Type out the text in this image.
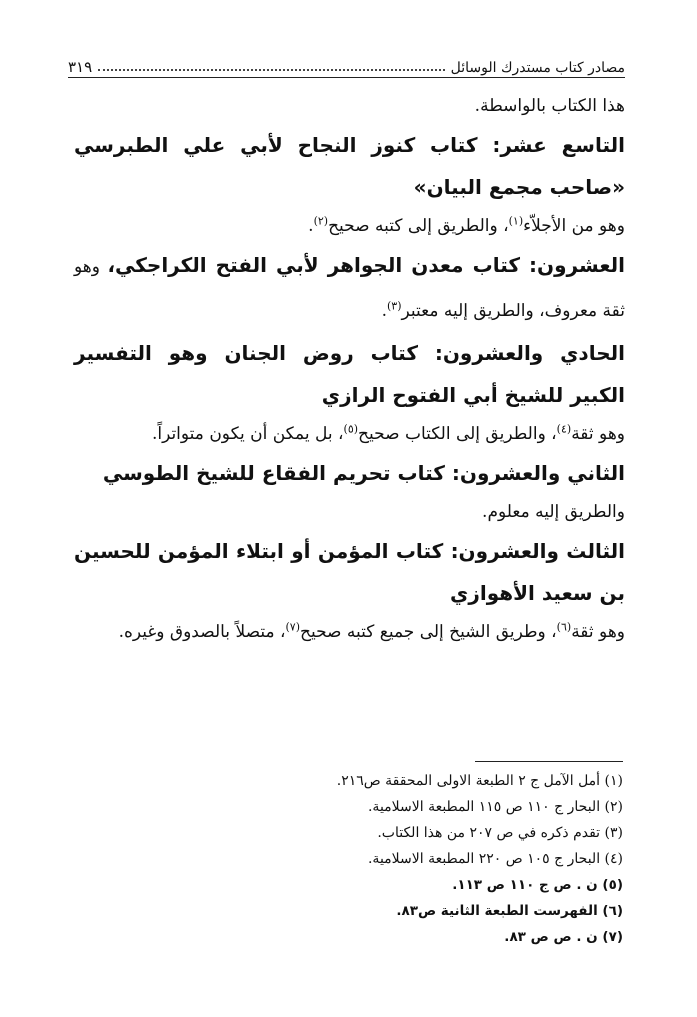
مصادر كتاب مستدرك الوسائل
٣١٩

هذا الكتاب بالواسطة.

التاسع عشر: كتاب كنوز النجاح لأبي علي الطبرسي «صاحب مجمع البيان»

وهو من الأجلاّء$^{(١)}$، والطريق إلى كتبه صحيح$^{(٢)}$.

العشرون: كتاب معدن الجواهر لأبي الفتح الكراجكي، وهو ثقة معروف، والطريق إليه معتبر$^{(٣)}$.

الحادي والعشرون: كتاب روض الجنان وهو التفسير الكبير للشيخ أبي الفتوح الرازي

وهو ثقة$^{(٤)}$، والطريق إلى الكتاب صحيح$^{(٥)}$، بل يمكن أن يكون متواتراً.

الثاني والعشرون: كتاب تحريم الفقاع للشيخ الطوسي

والطريق إليه معلوم.

الثالث والعشرون: كتاب المؤمن أو ابتلاء المؤمن للحسين بن سعيد الأهوازي

وهو ثقة$^{(٦)}$، وطريق الشيخ إلى جميع كتبه صحيح$^{(٧)}$، متصلاً بالصدوق وغيره.

(١) أمل الآمل ج ٢ الطبعة الاولى المحققة ص٢١٦.

(٢) البحار ج ١١٠ ص ١١٥ المطبعة الاسلامية.

(٣) تقدم ذكره في ص ٢٠٧ من هذا الكتاب.

(٤) البحار ج ١٠٥ ص ٢٢٠ المطبعة الاسلامية.

(٥) ن . ص ج ١١٠ ص ١١٣.

(٦) الفهرست الطبعة الثانية ص٨٣.

(٧) ن . ص ص ٨٣.
